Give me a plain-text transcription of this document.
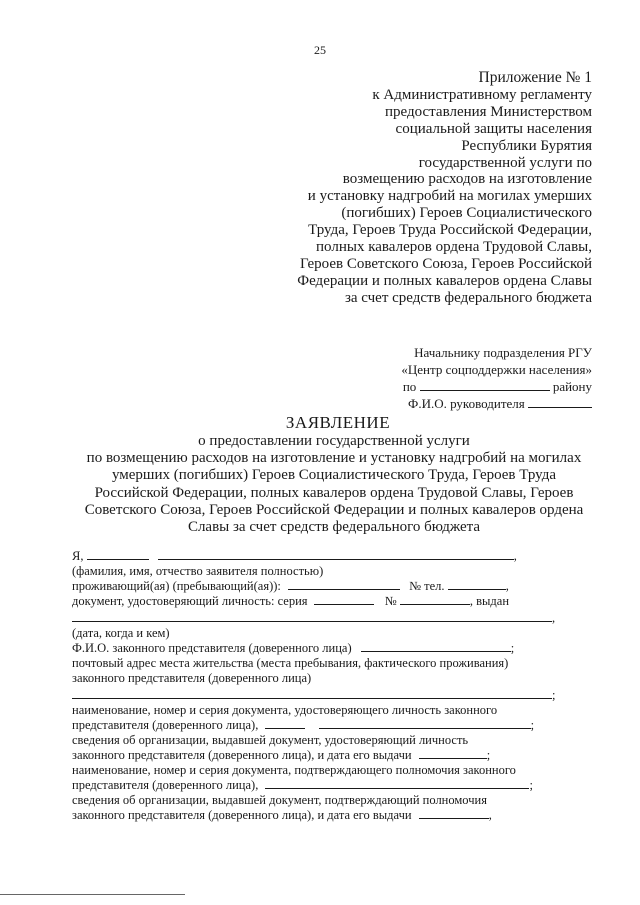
25
Приложение № 1
к Административному регламенту
предоставления Министерством
социальной защиты населения
Республики Бурятия
государственной услуги по
возмещению расходов на изготовление
и установку надгробий на могилах умерших
(погибших) Героев Социалистического
Труда, Героев Труда Российской Федерации,
полных кавалеров ордена Трудовой Славы,
Героев Советского Союза, Героев Российской
Федерации и полных кавалеров ордена Славы
за счет средств федерального бюджета
Начальнику подразделения РГУ
«Центр соцподдержки населения»
по	району
Ф.И.О. руководителя
ЗАЯВЛЕНИЕ
о предоставлении государственной услуги
по возмещению расходов на изготовление и установку надгробий на могилах
умерших (погибших) Героев Социалистического Труда, Героев Труда
Российской Федерации, полных кавалеров ордена Трудовой Славы, Героев
Советского Союза, Героев Российской Федерации и полных кавалеров ордена
Славы за счет средств федерального бюджета
Я,	,
(фамилия, имя, отчество заявителя полностью)
проживающий(ая) (пребывающий(ая)):	№ тел.	,
документ, удостоверяющий личность: серия	№	, выдан
,
(дата, когда и кем)
Ф.И.О. законного представителя (доверенного лица)	;
почтовый адрес места жительства (места пребывания, фактического проживания)
законного представителя (доверенного лица)
;
наименование, номер и серия документа, удостоверяющего личность законного
представителя (доверенного лица),	;
сведения об организации, выдавшей документ, удостоверяющий личность
законного представителя (доверенного лица), и дата его выдачи	;
наименование, номер и серия документа, подтверждающего полномочия законного
представителя (доверенного лица),	;
сведения об организации, выдавшей документ, подтверждающий полномочия
законного представителя (доверенного лица), и дата его выдачи	,
